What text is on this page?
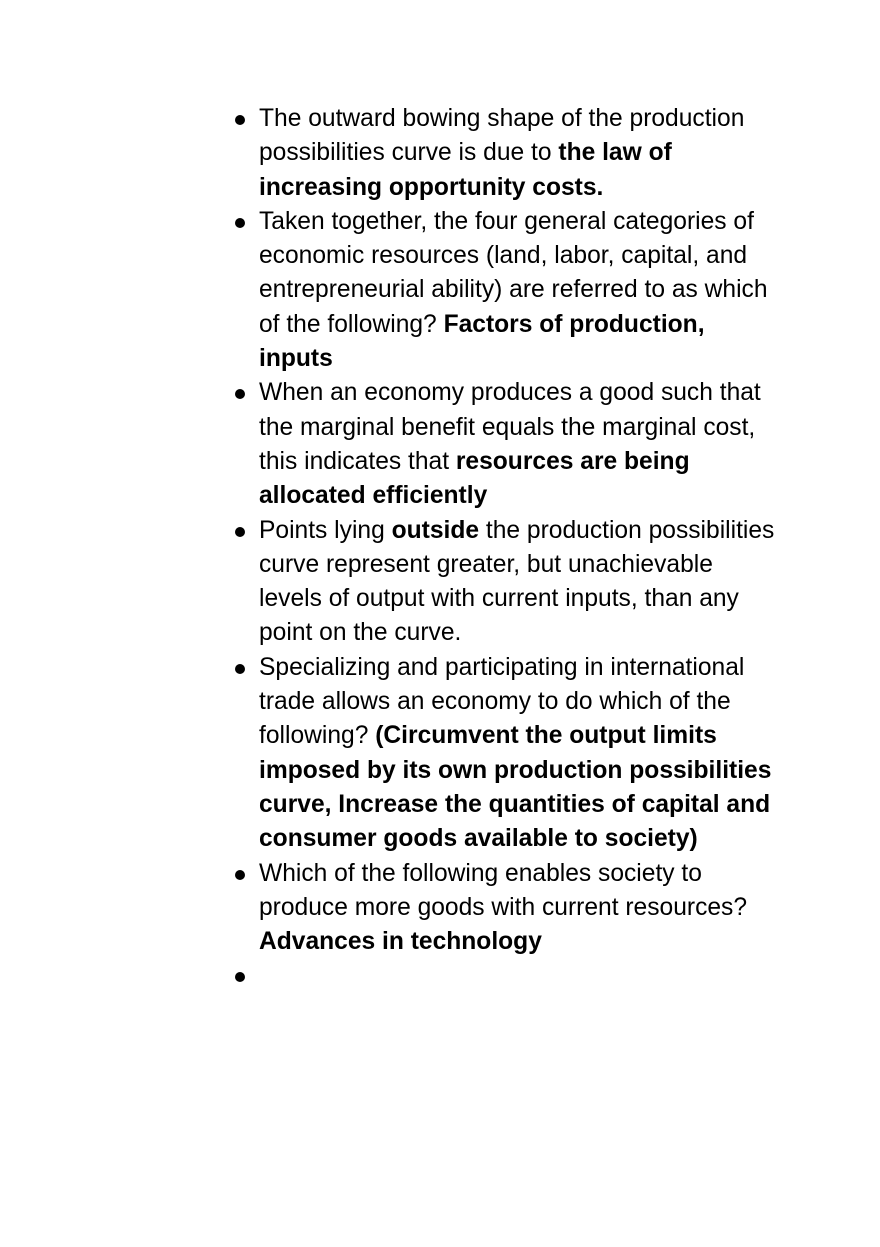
The outward bowing shape of the production possibilities curve is due to the law of increasing opportunity costs.
Taken together, the four general categories of economic resources (land, labor, capital, and entrepreneurial ability) are referred to as which of the following? Factors of production, inputs
When an economy produces a good such that the marginal benefit equals the marginal cost, this indicates that resources are being allocated efficiently
Points lying outside the production possibilities curve represent greater, but unachievable levels of output with current inputs, than any point on the curve.
Specializing and participating in international trade allows an economy to do which of the following? (Circumvent the output limits imposed by its own production possibilities curve, Increase the quantities of capital and consumer goods available to society)
Which of the following enables society to produce more goods with current resources? Advances in technology
